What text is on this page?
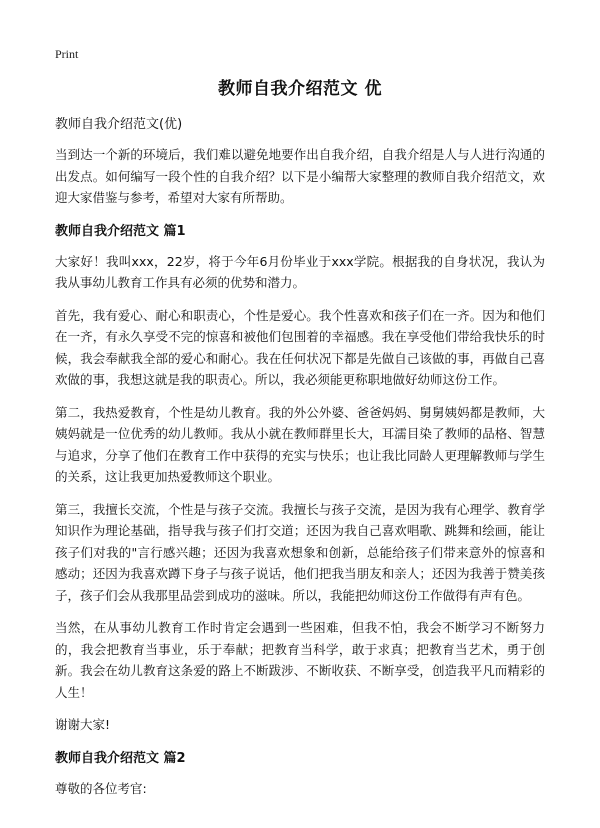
Print
教师自我介绍范文 优

教师自我介绍范文(优)

当到达一个新的环境后，我们难以避免地要作出自我介绍，自我介绍是人与人进行沟通的出发点。如何编写一段个性的自我介绍？以下是小编帮大家整理的教师自我介绍范文，欢迎大家借鉴与参考，希望对大家有所帮助。

教师自我介绍范文 篇1

大家好！我叫xxx，22岁，将于今年6月份毕业于xxx学院。根据我的自身状况，我认为我从事幼儿教育工作具有必须的优势和潜力。

首先，我有爱心、耐心和职责心，个性是爱心。我个性喜欢和孩子们在一齐。因为和他们在一齐，有永久享受不完的惊喜和被他们包围着的幸福感。我在享受他们带给我快乐的时候，我会奉献我全部的爱心和耐心。我在任何状况下都是先做自己该做的事，再做自己喜欢做的事，我想这就是我的职责心。所以，我必须能更称职地做好幼师这份工作。

第二，我热爱教育，个性是幼儿教育。我的外公外婆、爸爸妈妈、舅舅姨妈都是教师，大姨妈就是一位优秀的幼儿教师。我从小就在教师群里长大，耳濡目染了教师的品格、智慧与追求，分享了他们在教育工作中获得的充实与快乐；也让我比同龄人更理解教师与学生的关系，这让我更加热爱教师这个职业。

第三，我擅长交流，个性是与孩子交流。我擅长与孩子交流，是因为我有心理学、教育学知识作为理论基础，指导我与孩子们打交道；还因为我自己喜欢唱歌、跳舞和绘画，能让孩子们对我的"言行感兴趣；还因为我喜欢想象和创新，总能给孩子们带来意外的惊喜和感动；还因为我喜欢蹲下身子与孩子说话，他们把我当朋友和亲人；还因为我善于赞美孩子，孩子们会从我那里品尝到成功的滋味。所以，我能把幼师这份工作做得有声有色。

当然，在从事幼儿教育工作时肯定会遇到一些困难，但我不怕，我会不断学习不断努力的，我会把教育当事业，乐于奉献；把教育当科学，敢于求真；把教育当艺术，勇于创新。我会在幼儿教育这条爱的路上不断跋涉、不断收获、不断享受，创造我平凡而精彩的人生！

谢谢大家!

教师自我介绍范文 篇2

尊敬的各位考官:
